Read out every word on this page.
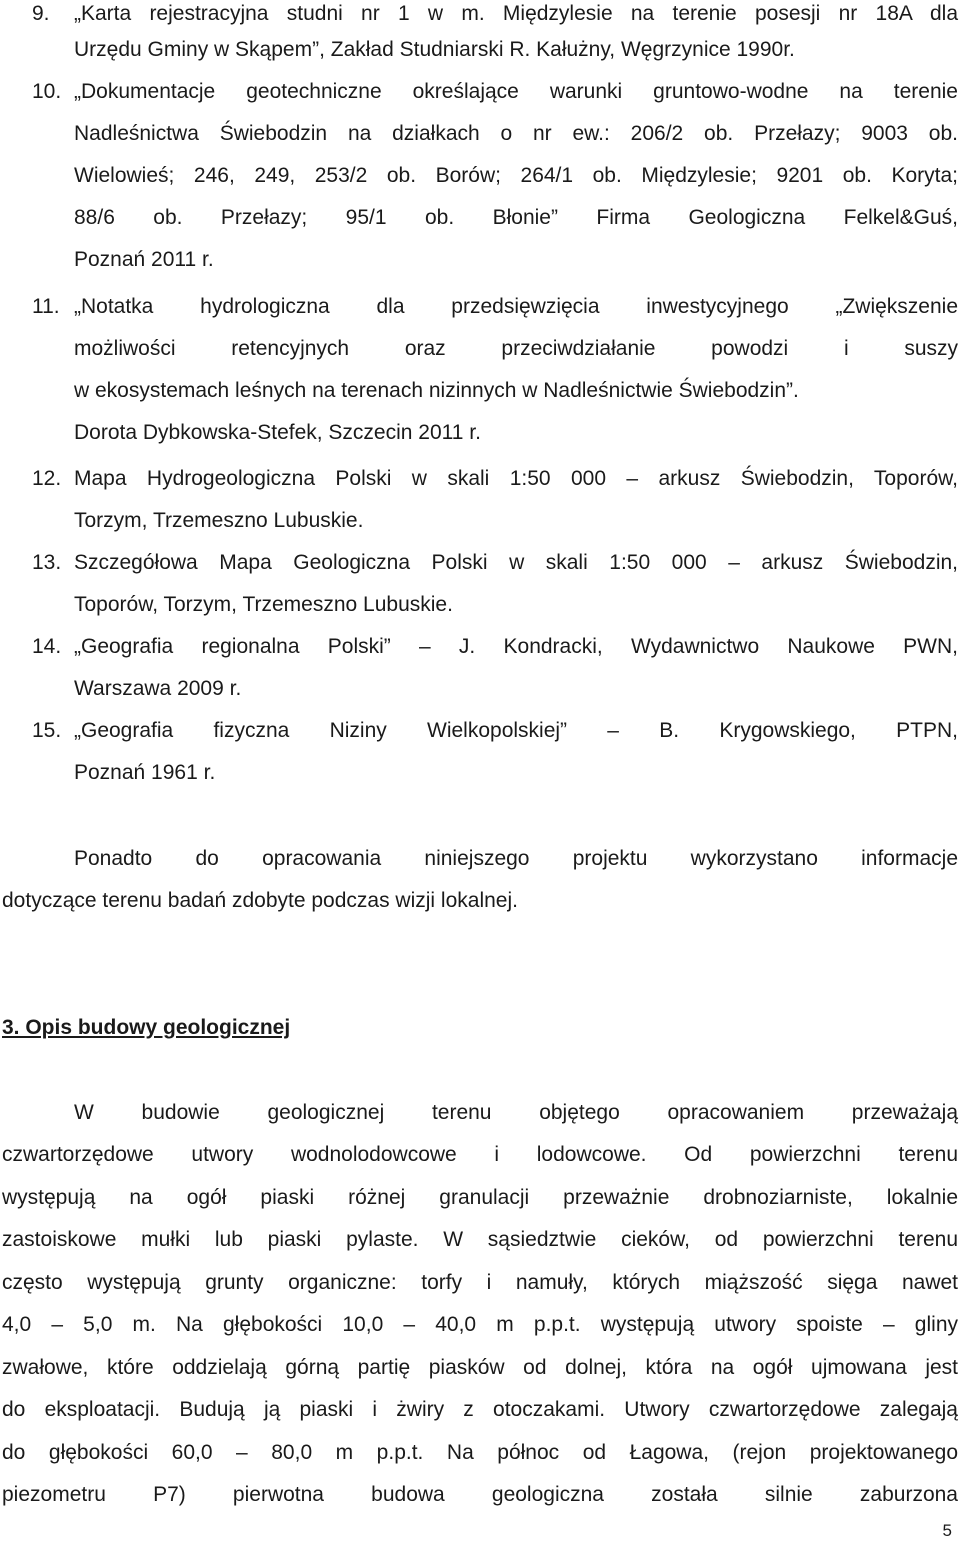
9. „Karta rejestracyjna studni nr 1 w m. Międzylesie na terenie posesji nr 18A dla
Urzędu Gminy w Skąpem”, Zakład Studniarski R. Kałużny, Węgrzynice 1990r.
10. „Dokumentacje geotechniczne określające warunki gruntowo-wodne na terenie
Nadleśnictwa Świebodzin na działkach o nr ew.: 206/2 ob. Przełazy; 9003 ob.
Wielowieś; 246, 249, 253/2 ob. Borów; 264/1 ob. Międzylesie; 9201 ob. Koryta;
88/6 ob. Przełazy; 95/1 ob. Błonie” Firma Geologiczna Felkel&Guś,
Poznań 2011 r.
11. „Notatka hydrologiczna dla przedsięwzięcia inwestycyjnego „Zwiększenie
możliwości retencyjnych oraz przeciwdziałanie powodzi i suszy
w ekosystemach leśnych na terenach nizinnych w Nadleśnictwie Świebodzin”.
Dorota Dybkowska-Stefek, Szczecin 2011 r.
12. Mapa Hydrogeologiczna Polski w skali 1:50 000 – arkusz Świebodzin, Toporów,
Torzym, Trzemeszno Lubuskie.
13. Szczegółowa Mapa Geologiczna Polski w skali 1:50 000 – arkusz Świebodzin,
Toporów, Torzym, Trzemeszno Lubuskie.
14. „Geografia regionalna Polski” – J. Kondracki, Wydawnictwo Naukowe PWN,
Warszawa 2009 r.
15. „Geografia fizyczna Niziny Wielkopolskiej” – B. Krygowskiego, PTPN,
Poznań 1961 r.
Ponadto do opracowania niniejszego projektu wykorzystano informacje
dotyczące terenu badań zdobyte podczas wizji lokalnej.
3. Opis budowy geologicznej
W budowie geologicznej terenu objętego opracowaniem przeważają
czwartorzędowe utwory wodnolodowcowe i lodowcowe. Od powierzchni terenu
występują na ogół piaski różnej granulacji przeważnie drobnoziarniste, lokalnie
zastoiskowe mułki lub piaski pylaste. W sąsiedztwie cieków, od powierzchni terenu
często występują grunty organiczne: torfy i namuły, których miąższość sięga nawet
4,0 – 5,0 m. Na głębokości 10,0 – 40,0 m p.p.t. występują utwory spoiste – gliny
zwałowe, które oddzielają górną partię piasków od dolnej, która na ogół ujmowana jest
do eksploatacji. Budują ją piaski i żwiry z otoczakami. Utwory czwartorzędowe zalegają
do głębokości 60,0 – 80,0 m p.p.t. Na północ od Łagowa, (rejon projektowanego
piezometru P7) pierwotna budowa geologiczna została silnie zaburzona
5
